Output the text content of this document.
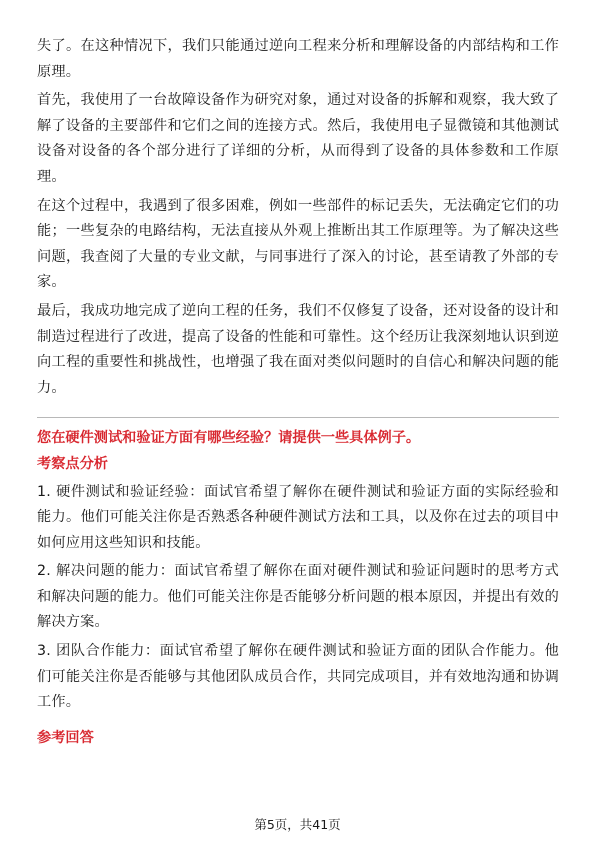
失了。在这种情况下，我们只能通过逆向工程来分析和理解设备的内部结构和工作原理。

首先，我使用了一台故障设备作为研究对象，通过对设备的拆解和观察，我大致了解了设备的主要部件和它们之间的连接方式。然后，我使用电子显微镜和其他测试设备对设备的各个部分进行了详细的分析，从而得到了设备的具体参数和工作原理。

在这个过程中，我遇到了很多困难，例如一些部件的标记丢失，无法确定它们的功能；一些复杂的电路结构，无法直接从外观上推断出其工作原理等。为了解决这些问题，我查阅了大量的专业文献，与同事进行了深入的讨论，甚至请教了外部的专家。

最后，我成功地完成了逆向工程的任务，我们不仅修复了设备，还对设备的设计和制造过程进行了改进，提高了设备的性能和可靠性。这个经历让我深刻地认识到逆向工程的重要性和挑战性，也增强了我在面对类似问题时的自信心和解决问题的能力。

您在硬件测试和验证方面有哪些经验？请提供一些具体例子。

考察点分析

1. 硬件测试和验证经验：面试官希望了解你在硬件测试和验证方面的实际经验和能力。他们可能关注你是否熟悉各种硬件测试方法和工具，以及你在过去的项目中如何应用这些知识和技能。

2. 解决问题的能力：面试官希望了解你在面对硬件测试和验证问题时的思考方式和解决问题的能力。他们可能关注你是否能够分析问题的根本原因，并提出有效的解决方案。

3. 团队合作能力：面试官希望了解你在硬件测试和验证方面的团队合作能力。他们可能关注你是否能够与其他团队成员合作，共同完成项目，并有效地沟通和协调工作。

参考回答

第5页，共41页
